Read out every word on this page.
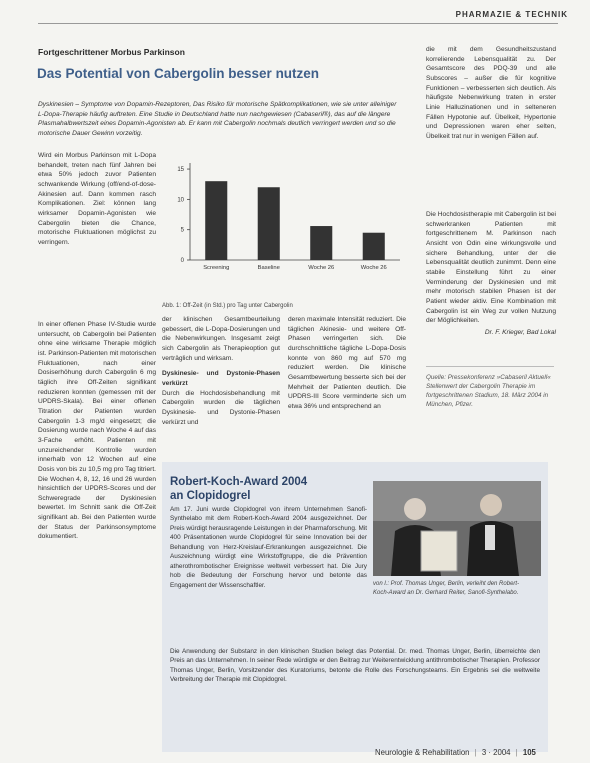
PHARMAZIE & TECHNIK
Fortgeschrittener Morbus Parkinson
Das Potential von Cabergolin besser nutzen
Dyskinesien – Symptome von Dopamin-Rezeptoren, Das Risiko für motorische Spätkomplikationen, wie sie unter alleiniger L-Dopa-Therapie häufig auftreten. Eine Studie in Deutschland hatte nun nachgewiesen (Cabaseril®), das auf die längere Plasmahalbwertszeit eines Dopamin-Agonisten ab. Er kann mit Cabergolin nochmals deutlich verringert werden und so die motorische Dauer Gewinn vorzeitig.
Wird ein Morbus Parkinson mit L-Dopa behandelt, treten nach fünf Jahren bei etwa 50% jedoch zuvor Patienten schwankende Wirkung (off/end-of-dose-Akinesien auf. Dann kommen rasch Komplikationen. Ziel: können lang wirksamer Dopamin-Agonisten wie Cabergolin bieten die Chance, motorische Fluktuationen möglichst zu verringern.
0
5
10
15
Screening	Baseline	Woche 26	Woche 26
Abb. 1: Off-Zeit (in Std.) pro Tag unter Cabergolin
In einer offenen Phase IV-Studie wurde untersucht, ob Cabergolin bei Patienten ohne eine wirksame Therapie möglich ist. Parkinson-Patienten mit motorischen Fluktuationen, nach einer Dosiserhöhung durch Cabergolin 6 mg täglich ihre Off-Zeiten signifikant reduzieren konnten (gemessen mit der UPDRS-Skala). Bei einer offenen Titration der Patienten wurden Cabergolin 1-3 mg/d eingesetzt; die Dosierung wurde nach Woche 4 auf das 3-Fache erhöht. Patienten mit unzureichender Kontrolle wurden innerhalb von 12 Wochen auf eine Dosis von bis zu 10,5 mg pro Tag titriert. Die Wochen 4, 8, 12, 16 und 26 wurden hinsichtlich der UPDRS-Scores und der Schweregrade der Dyskinesien bewertet. Im Schnitt sank die Off-Zeit signifikant ab. Bei den Patienten wurde der Status der Parkinsonsymptome dokumentiert.
der klinischen Gesamtbeurteilung gebessert, die L-Dopa-Dosierungen und die Nebenwirkungen. Insgesamt zeigt sich Cabergolin als Therapieoption gut verträglich und wirksam.
Dyskinesie- und Dystonie-Phasen verkürzt
Durch die Hochdosisbehandlung mit Cabergolin wurden die täglichen Dyskinesie- und Dystonie-Phasen verkürzt und
deren maximale Intensität reduziert. Die täglichen Akinesie- und weitere Off-Phasen verringerten sich. Die durchschnittliche tägliche L-Dopa-Dosis konnte von 860 mg auf 570 mg reduziert werden. Die klinische Gesamtbewertung besserte sich bei der Mehrheit der Patienten deutlich. Die UPDRS-III Score verminderte sich um etwa 36% und entsprechend an
die mit dem Gesundheitszustand korrelierende Lebensqualität zu. Der Gesamtscore des PDQ-39 und alle Subscores – außer die für kognitive Funktionen – verbesserten sich deutlich. Als häufigste Nebenwirkung traten in erster Linie Halluzinationen und in selteneren Fällen Hypotonie auf. Übelkeit, Hypertonie und Depressionen waren eher selten, Übelkeit trat nur in wenigen Fällen auf.
Die Hochdosistherapie mit Cabergolin ist bei schwerkranken Patienten mit fortgeschrittenem M. Parkinson nach Ansicht von Odin eine wirkungsvolle und sichere Behandlung, unter der die Lebensqualität deutlich zunimmt. Denn eine stabile Einstellung führt zu einer Verminderung der Dyskinesien und mit mehr motorisch stabilen Phasen ist der Patient wieder aktiv. Eine Kombination mit Cabergolin ist ein Weg zur vollen Nutzung der Möglichkeiten.
Dr. F. Krieger, Bad Lokal
Quelle: Pressekonferenz »Cabaseril Aktuell« Stellenwert der Cabergolin Therapie im fortgeschrittenen Stadium, 18. März 2004 in München, Pfizer.
Robert-Koch-Award 2004
an Clopidogrel
Am 17. Juni wurde Clopidogrel von ihrem Unternehmen Sanofi-Synthelabo mit dem Robert-Koch-Award 2004 ausgezeichnet. Der Preis würdigt herausragende Leistungen in der Pharmaforschung. Mit 400 Präsentationen wurde Clopidogrel für seine Innovation bei der Behandlung von Herz-Kreislauf-Erkrankungen ausgezeichnet. Die Auszeichnung würdigt eine Wirkstoffgruppe, die die Prävention atherothrombotischer Ereignisse weltweit verbessert hat. Die Jury hob die Bedeutung der Forschung hervor und betonte das Engagement der Wissenschaftler.	von l.: Prof. Thomas Unger, Berlin, verleiht den Robert-Koch-Award an Dr. Gerhard Reiter, Sanofi-Synthelabo.
Die Anwendung der Substanz in den klinischen Studien belegt das Potential. Dr. med. Thomas Unger, Berlin, überreichte den Preis an das Unternehmen. In seiner Rede würdigte er den Beitrag zur Weiterentwicklung antithrombotischer Therapien. Professor Thomas Unger, Berlin, Vorsitzender des Kuratoriums, betonte die Rolle des Forschungsteams. Ein Ergebnis sei die weltweite Verbreitung der Therapie mit Clopidogrel.
Neurologie & Rehabilitation | 3 · 2004 | 105
